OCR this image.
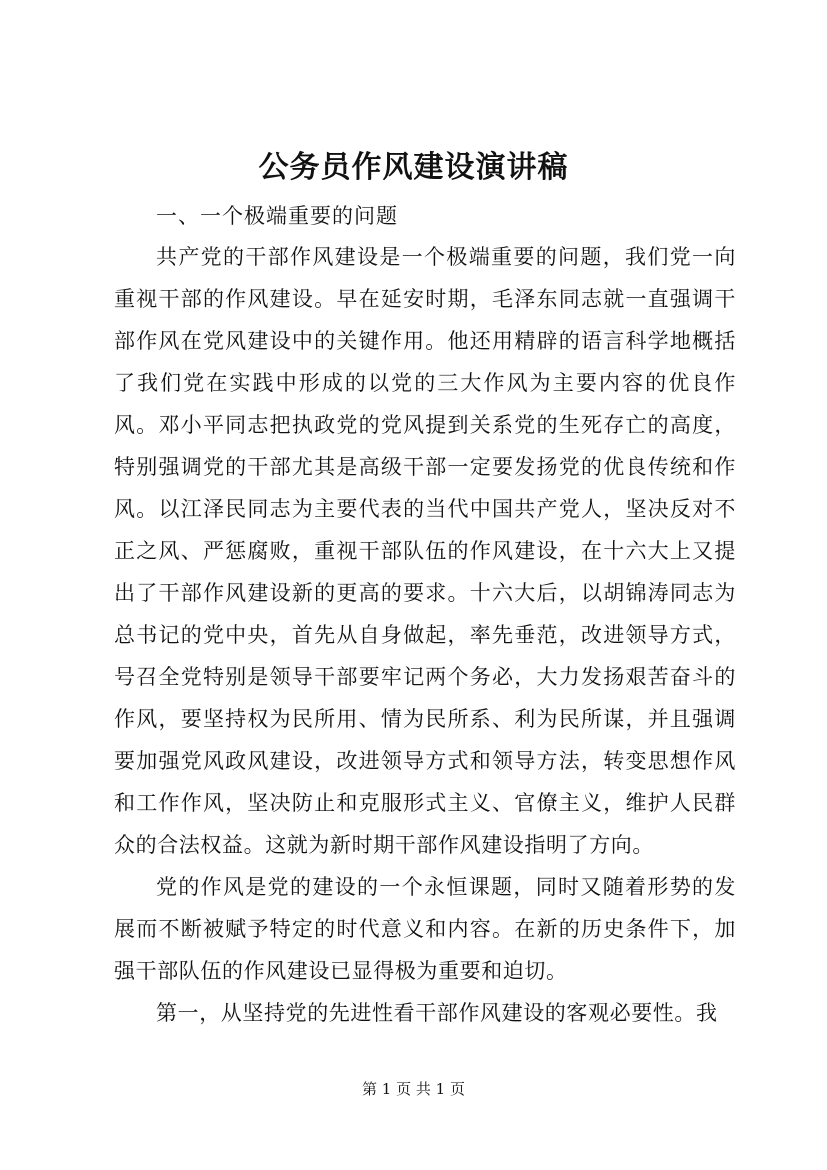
公务员作风建设演讲稿

一、一个极端重要的问题

共产党的干部作风建设是一个极端重要的问题，我们党一向重视干部的作风建设。早在延安时期，毛泽东同志就一直强调干部作风在党风建设中的关键作用。他还用精辟的语言科学地概括了我们党在实践中形成的以党的三大作风为主要内容的优良作风。邓小平同志把执政党的党风提到关系党的生死存亡的高度，特别强调党的干部尤其是高级干部一定要发扬党的优良传统和作风。以江泽民同志为主要代表的当代中国共产党人，坚决反对不正之风、严惩腐败，重视干部队伍的作风建设，在十六大上又提出了干部作风建设新的更高的要求。十六大后，以胡锦涛同志为总书记的党中央，首先从自身做起，率先垂范，改进领导方式，号召全党特别是领导干部要牢记两个务必，大力发扬艰苦奋斗的作风，要坚持权为民所用、情为民所系、利为民所谋，并且强调要加强党风政风建设，改进领导方式和领导方法，转变思想作风和工作作风，坚决防止和克服形式主义、官僚主义，维护人民群众的合法权益。这就为新时期干部作风建设指明了方向。

党的作风是党的建设的一个永恒课题，同时又随着形势的发展而不断被赋予特定的时代意义和内容。在新的历史条件下，加强干部队伍的作风建设已显得极为重要和迫切。

第一，从坚持党的先进性看干部作风建设的客观必要性。我

第 1 页 共 1 页
